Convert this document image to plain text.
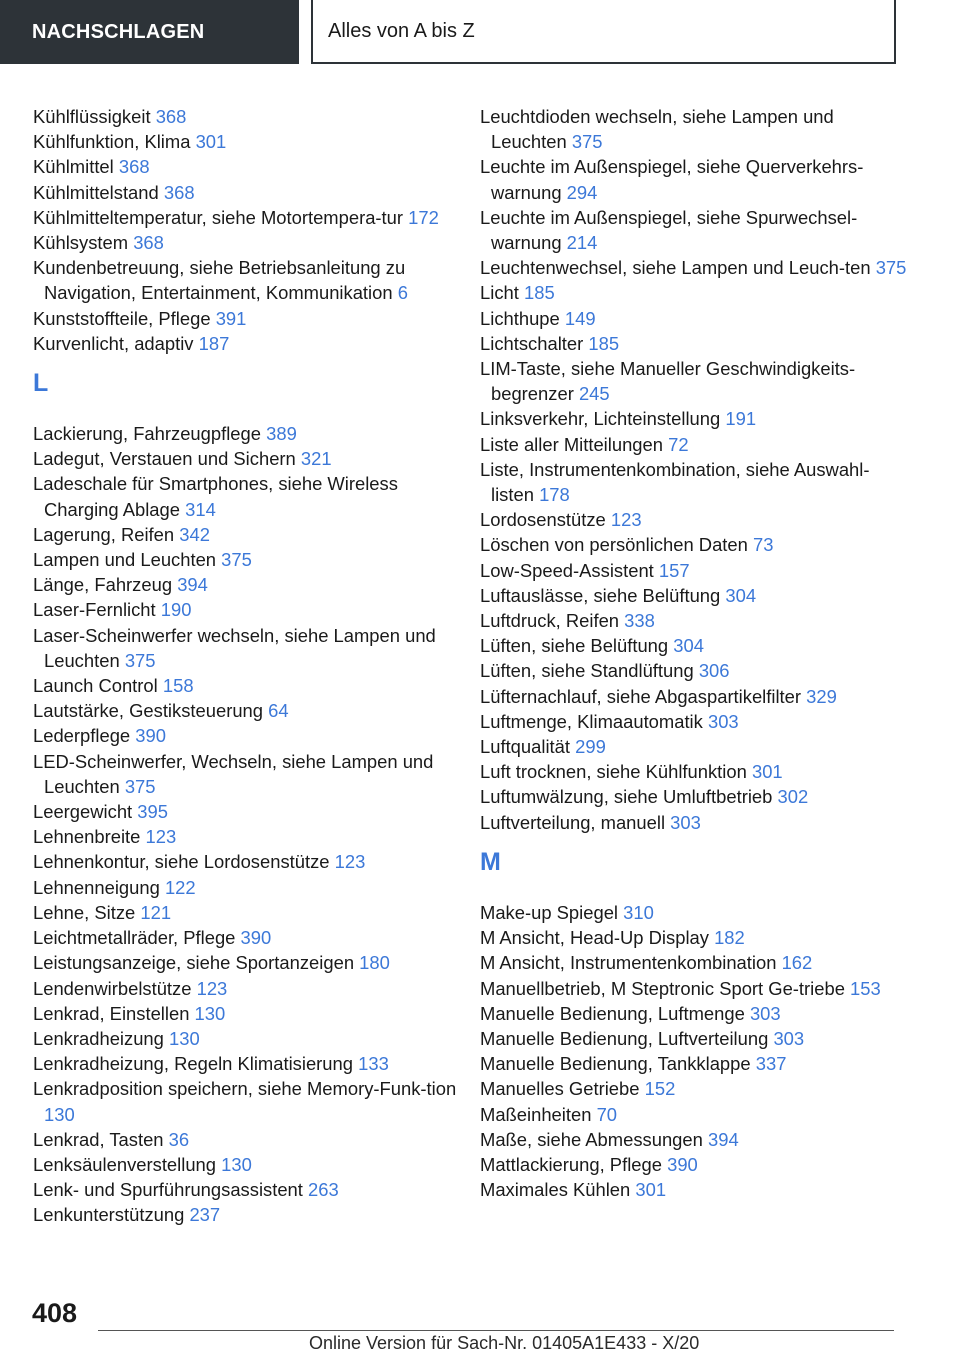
NACHSCHLAGEN	Alles von A bis Z
Kühlflüssigkeit 368
Kühlfunktion, Klima 301
Kühlmittel 368
Kühlmittelstand 368
Kühlmitteltemperatur, siehe Motortempera-tur 172
Kühlsystem 368
Kundenbetreuung, siehe Betriebsanleitung zu Navigation, Entertainment, Kommunikation 6
Kunststoffteile, Pflege 391
Kurvenlicht, adaptiv 187
L
Lackierung, Fahrzeugpflege 389
Ladegut, Verstauen und Sichern 321
Ladeschale für Smartphones, siehe Wireless Charging Ablage 314
Lagerung, Reifen 342
Lampen und Leuchten 375
Länge, Fahrzeug 394
Laser-Fernlicht 190
Laser-Scheinwerfer wechseln, siehe Lampen und Leuchten 375
Launch Control 158
Lautstärke, Gestiksteuerung 64
Lederpflege 390
LED-Scheinwerfer, Wechseln, siehe Lampen und Leuchten 375
Leergewicht 395
Lehnenbreite 123
Lehnenkontur, siehe Lordosenstütze 123
Lehnenneigung 122
Lehne, Sitze 121
Leichtmetallräder, Pflege 390
Leistungsanzeige, siehe Sportanzeigen 180
Lendenwirbelstütze 123
Lenkrad, Einstellen 130
Lenkradheizung 130
Lenkradheizung, Regeln Klimatisierung 133
Lenkradposition speichern, siehe Memory-Funk-tion 130
Lenkrad, Tasten 36
Lenksäulenverstellung 130
Lenk- und Spurführungsassistent 263
Lenkunterstützung 237
Leuchtdioden wechseln, siehe Lampen und Leuchten 375
Leuchte im Außenspiegel, siehe Querverkehrs-warnung 294
Leuchte im Außenspiegel, siehe Spurwechsel-warnung 214
Leuchtenwechsel, siehe Lampen und Leuch-ten 375
Licht 185
Lichthupe 149
Lichtschalter 185
LIM-Taste, siehe Manueller Geschwindigkeits-begrenzer 245
Linksverkehr, Lichteinstellung 191
Liste aller Mitteilungen 72
Liste, Instrumentenkombination, siehe Auswahl-listen 178
Lordosenstütze 123
Löschen von persönlichen Daten 73
Low-Speed-Assistent 157
Luftauslässe, siehe Belüftung 304
Luftdruck, Reifen 338
Lüften, siehe Belüftung 304
Lüften, siehe Standlüftung 306
Lüfternachlauf, siehe Abgaspartikelfilter 329
Luftmenge, Klimaautomatik 303
Luftqualität 299
Luft trocknen, siehe Kühlfunktion 301
Luftumwälzung, siehe Umluftbetrieb 302
Luftverteilung, manuell 303
M
Make-up Spiegel 310
M Ansicht, Head-Up Display 182
M Ansicht, Instrumentenkombination 162
Manuellbetrieb, M Steptronic Sport Ge-triebe 153
Manuelle Bedienung, Luftmenge 303
Manuelle Bedienung, Luftverteilung 303
Manuelle Bedienung, Tankklappe 337
Manuelles Getriebe 152
Maßeinheiten 70
Maße, siehe Abmessungen 394
Mattlackierung, Pflege 390
Maximales Kühlen 301
408
Online Version für Sach-Nr. 01405A1E433 - X/20
